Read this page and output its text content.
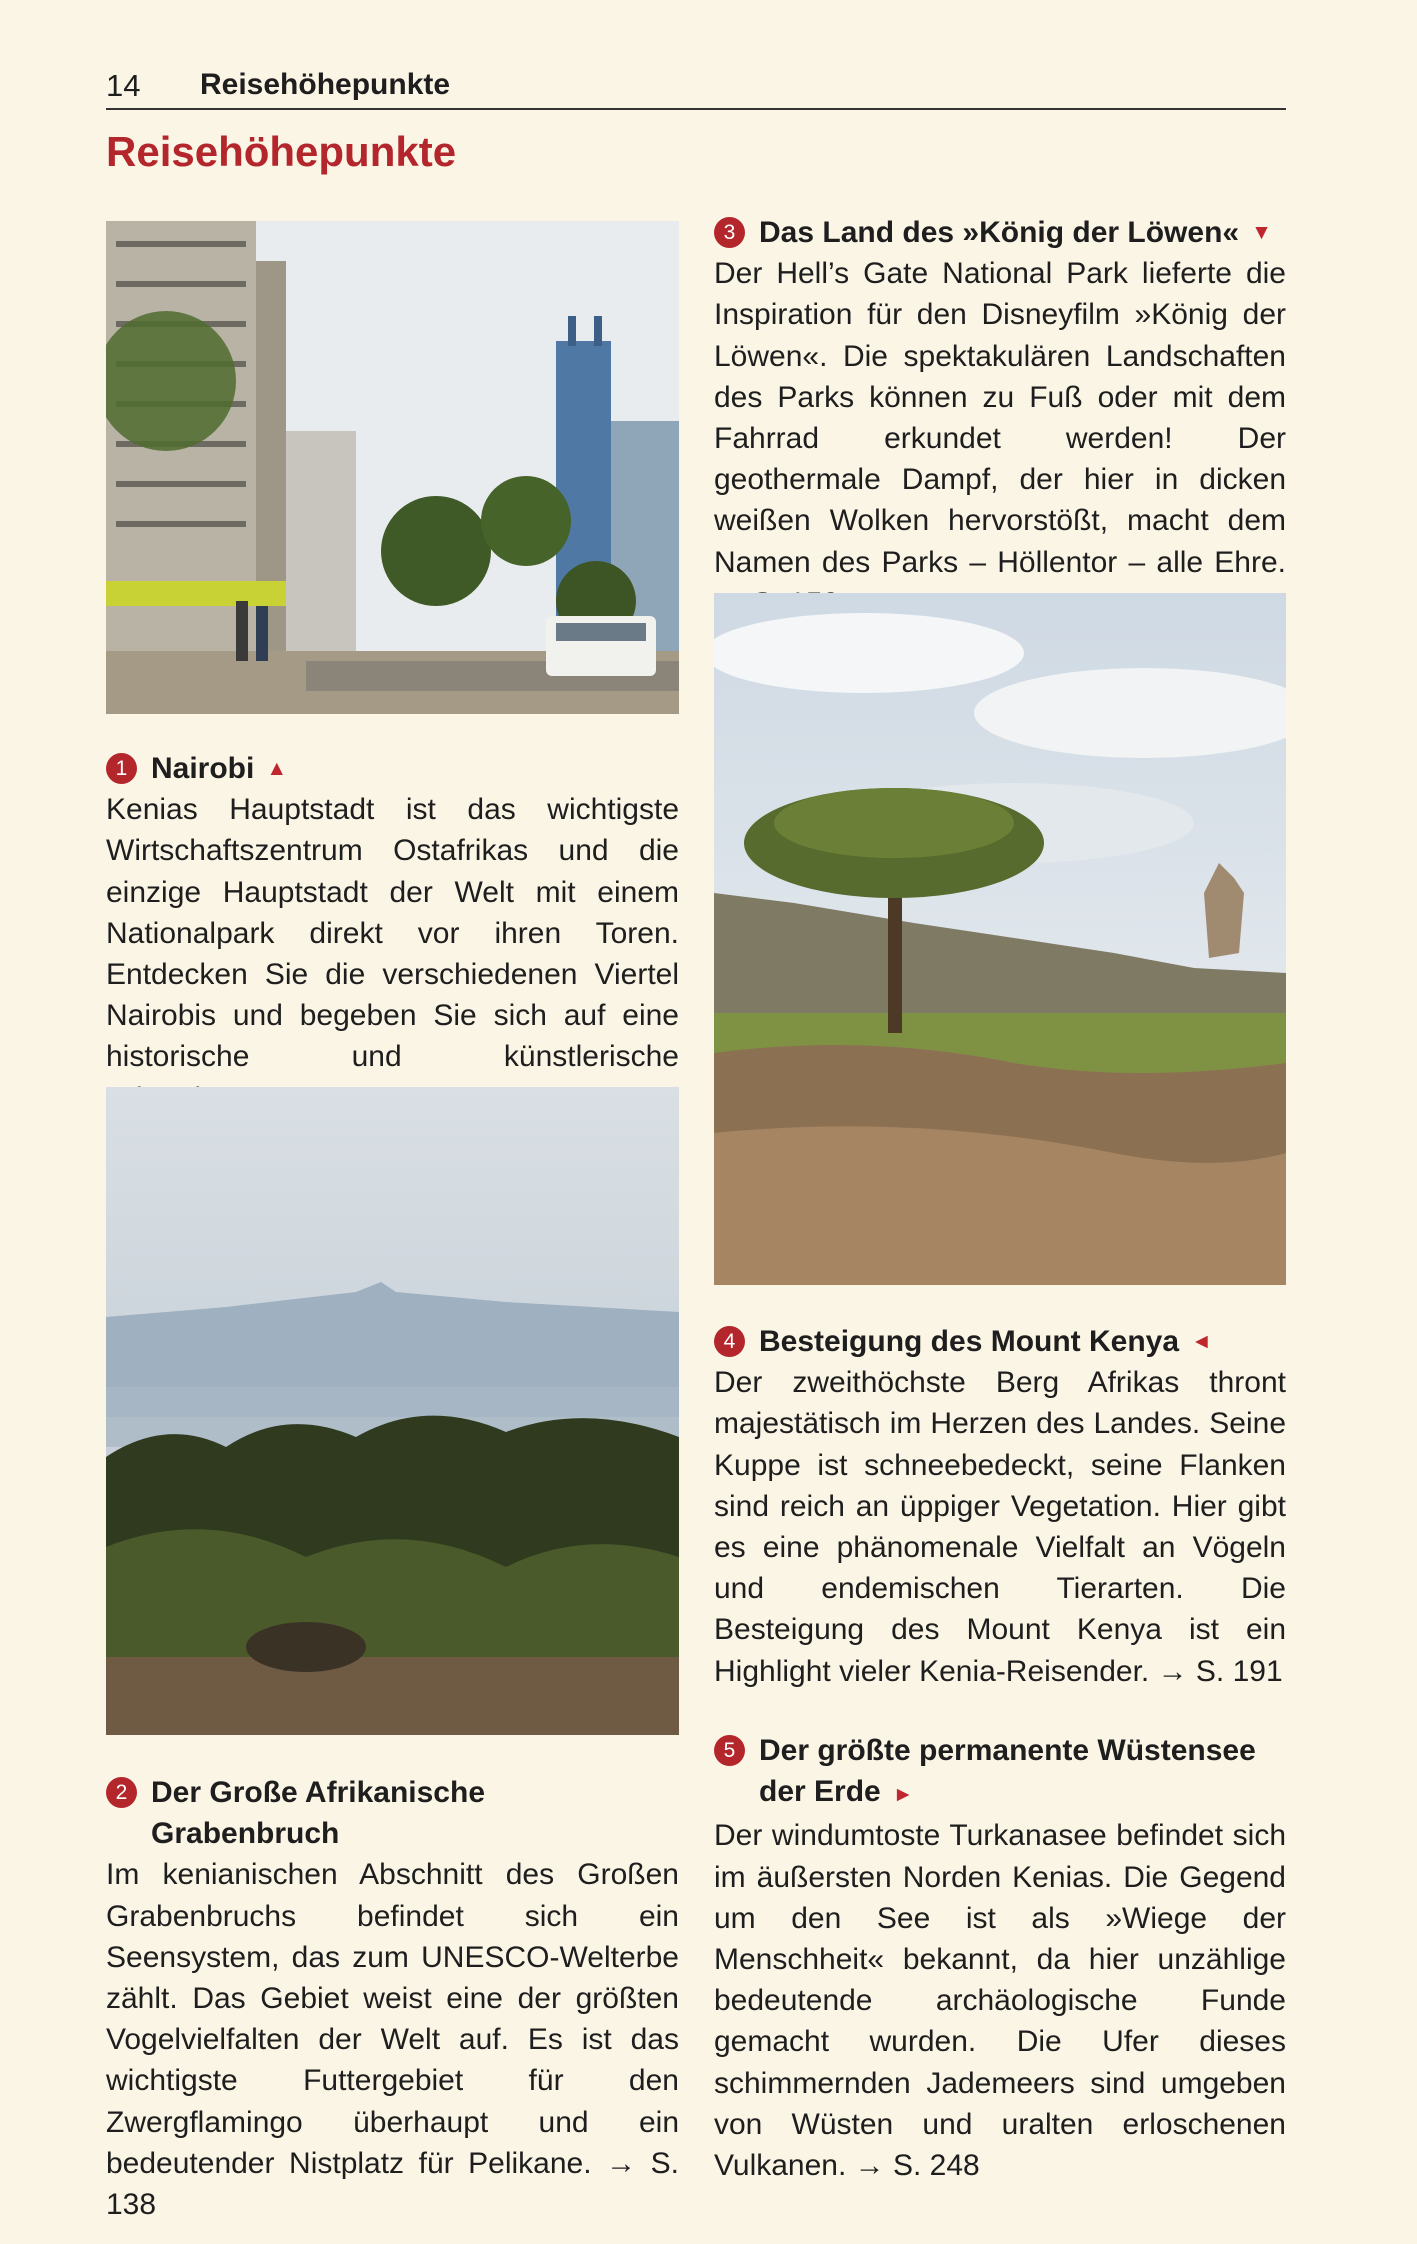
14 Reisehöhepunkte
Reisehöhepunkte
1 Nairobi ▲
Kenias Hauptstadt ist das wichtigste Wirtschaftszentrum Ostafrikas und die einzige Hauptstadt der Welt mit einem Nationalpark direkt vor ihren Toren. Entdecken Sie die verschiedenen Viertel Nairobis und begeben Sie sich auf eine historische und künstlerische
2 Der Große Afrikanische Grabenbruch
Im kenianischen Abschnitt des Großen Grabenbruchs befindet sich ein Seensystem, das zum UNESCO-Welterbe zählt. Das Gebiet weist eine der größten Vogelvielfalten der Welt auf. Es ist das wichtigste Futtergebiet für den Zwergflamingo überhaupt und ein bedeutender Nistplatz für Pelikane. → S. 138
3 Das Land des »König der Löwen« ▼
Der Hell’s Gate National Park lieferte die Inspiration für den Disneyfilm »König der Löwen«. Die spektakulären Landschaften des Parks können zu Fuß oder mit dem Fahrrad erkundet werden! Der geothermale Dampf, der hier in dicken weißen Wolken hervorstößt, macht dem Namen des Parks – Höllentor – alle Ehre.
4 Besteigung des Mount Kenya ◄
Der zweithöchste Berg Afrikas thront majestätisch im Herzen des Landes. Seine Kuppe ist schneebedeckt, seine Flanken sind reich an üppiger Vegetation. Hier gibt es eine phänomenale Vielfalt an Vögeln und endemischen Tierarten. Die Besteigung des Mount Kenya ist ein Highlight vieler Kenia-Reisender. → S. 191
5 Der größte permanente Wüstensee der Erde ►
Der windumtoste Turkanasee befindet sich im äußersten Norden Kenias. Die Gegend um den See ist als »Wiege der Menschheit« bekannt, da hier unzählige bedeutende archäologische Funde gemacht wurden. Die Ufer dieses schimmernden Jademeers sind umgeben von Wüsten und uralten erloschenen Vulkanen. → S. 248
